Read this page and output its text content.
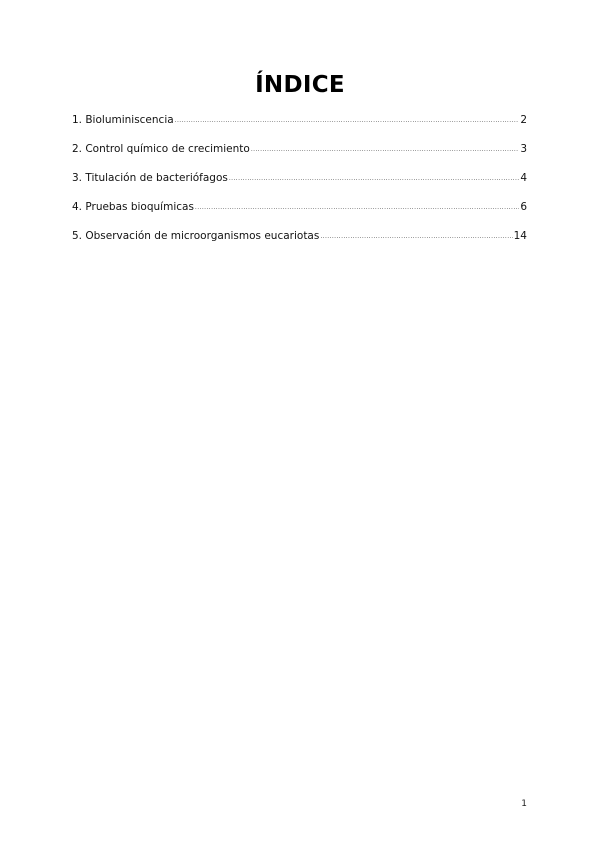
ÍNDICE
1. Bioluminiscencia .....	2
2. Control químico de crecimiento .....	3
3. Titulación de bacteriófagos .....	4
4. Pruebas bioquímicas .....	6
5. Observación de microorganismos eucariotas .....	14
1
